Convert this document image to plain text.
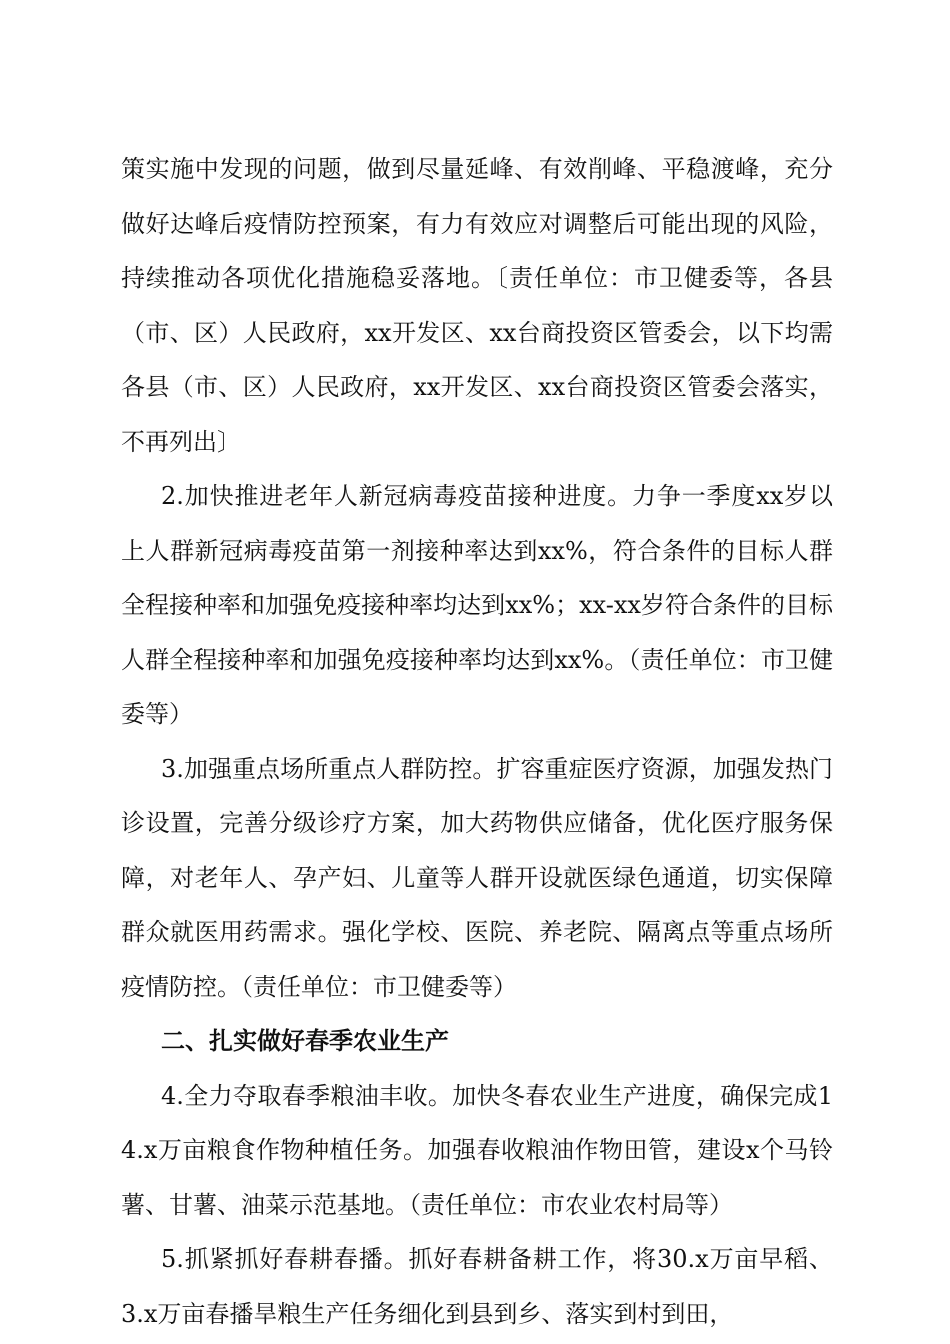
策实施中发现的问题，做到尽量延峰、有效削峰、平稳渡峰，充分做好达峰后疫情防控预案，有力有效应对调整后可能出现的风险，持续推动各项优化措施稳妥落地。〔责任单位：市卫健委等，各县（市、区）人民政府，xx开发区、xx台商投资区管委会，以下均需各县（市、区）人民政府，xx开发区、xx台商投资区管委会落实，不再列出〕

2.加快推进老年人新冠病毒疫苗接种进度。力争一季度xx岁以上人群新冠病毒疫苗第一剂接种率达到xx%，符合条件的目标人群全程接种率和加强免疫接种率均达到xx%；xx-xx岁符合条件的目标人群全程接种率和加强免疫接种率均达到xx%。（责任单位：市卫健委等）

3.加强重点场所重点人群防控。扩容重症医疗资源，加强发热门诊设置，完善分级诊疗方案，加大药物供应储备，优化医疗服务保障，对老年人、孕产妇、儿童等人群开设就医绿色通道，切实保障群众就医用药需求。强化学校、医院、养老院、隔离点等重点场所疫情防控。（责任单位：市卫健委等）

二、扎实做好春季农业生产

4.全力夺取春季粮油丰收。加快冬春农业生产进度，确保完成14.x万亩粮食作物种植任务。加强春收粮油作物田管，建设x个马铃薯、甘薯、油菜示范基地。（责任单位：市农业农村局等）

5.抓紧抓好春耕春播。抓好春耕备耕工作，将30.x万亩早稻、3.x万亩春播旱粮生产任务细化到县到乡、落实到村到田，
